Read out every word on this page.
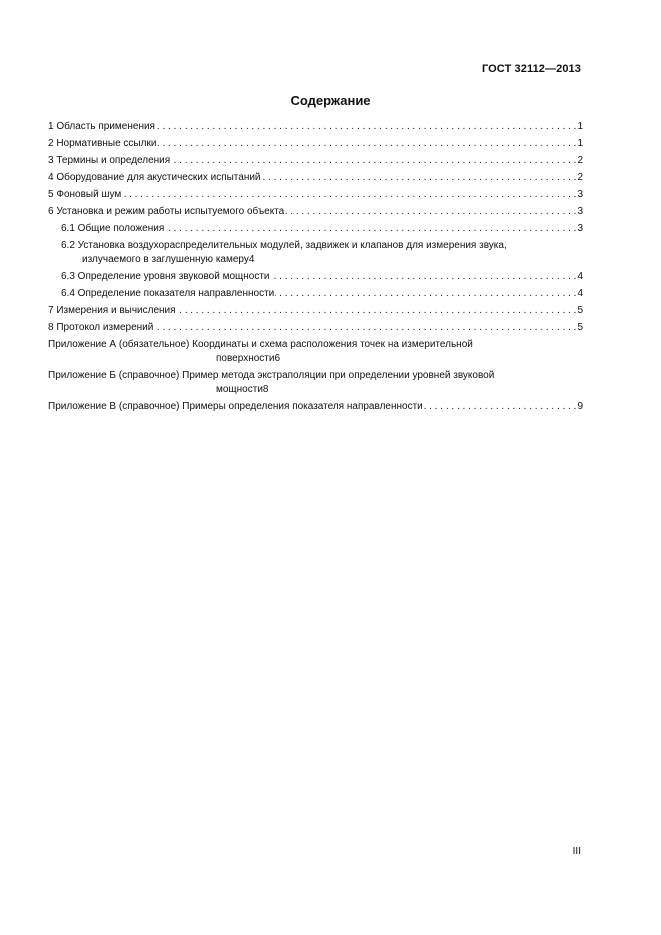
ГОСТ 32112—2013
Содержание
1 Область применения . . .	1
2 Нормативные ссылки . . .	1
3 Термины и определения . . .	2
4 Оборудование для акустических испытаний . . .	2
5 Фоновый шум . . .	3
6 Установка и режим работы испытуемого объекта . . .	3
6.1 Общие положения . . .	3
6.2 Установка воздухораспределительных модулей, задвижек и клапанов для измерения звука,
излучаемого в заглушенную камеру 4
6.3 Определение уровня звуковой мощности . . .	4
6.4 Определение показателя направленности . . .	4
7 Измерения и вычисления . . .	5
8 Протокол измерений . . .	5
Приложение А (обязательное) Координаты и схема расположения точек на измерительной
поверхности 6
Приложение Б (справочное) Пример метода экстраполяции при определении уровней звуковой
мощности 8
Приложение В (справочное) Примеры определения показателя направленности . . .	9
III
